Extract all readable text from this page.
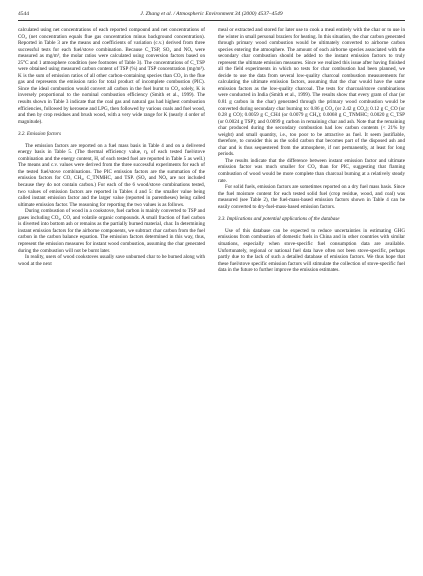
4544	J. Zhang et al. / Atmospheric Environment 34 (2000) 4537–4549

calculated using net concentrations of each reported compound and net concentrations of CO₂ (net concentration equals flue gas concentration minus background concentration). Reported in Table 3 are the means and coefficients of variation (c.v.) derived from three successful tests for each fuel/stove combination. Because C_TSP, SO₂ and NOₓ were measured as mg/m³, the molar ratios were calculated using conversion factors based on 25°C and 1 atmosphere condition (see footnotes of Table 3). The concentrations of C_TSP were obtained using measured carbon content of TSP (%) and TSP concentration (mg/m³). K is the sum of emission ratios of all other carbon-containing species than CO₂ in the flue gas and represents the emission ratio for total product of incomplete combustion (PIC). Since the ideal combustion would convert all carbon in the fuel burnt to CO₂ solely, K is inversely proportional to the nominal combustion efficiency (Smith et al., 1999). The results shown in Table 3 indicate that the coal gas and natural gas had highest combustion efficiencies, followed by kerosene and LPG, then followed by various coals and fuel wood, and then by crop residues and brush wood, with a very wide range for K (nearly 4 order of magnitude).

3.2. Emission factors

The emission factors are reported on a fuel mass basis in Table 4 and on a delivered energy basis in Table 5. (The thermal efficiency value, η, of each tested fuel/stove combination and the energy content, H, of each tested fuel are reported in Table 5 as well.) The means and c.v. values were derived from the three successful experiments for each of the tested fuel/stove combinations. The PIC emission factors are the summation of the emission factors for CO, CH₄, C_TNMHC, and TSP. (SO₂ and NOₓ are not included because they do not contain carbon.) For each of the 6 wood/stove combinations tested, two values of emission factors are reported in Tables 4 and 5: the smaller value being called instant emission factor and the larger value (reported in parentheses) being called ultimate emission factor. The reasoning for reporting the two values is as follows.

During combustion of wood in a cookstove, fuel carbon is mainly converted to TSP and gases including CO₂, CO, and volatile organic compounds. A small fraction of fuel carbon is diverted into bottom ash or remains as the partially burned material, char. In determining instant emission factors for the airborne components, we subtract char carbon from the fuel carbon in the carbon balance equation. The emission factors determined in this way, thus, represent the emission measures for instant wood combustion, assuming the char generated during the combustion will not be burnt later.

In reality, users of wood cookstoves usually save unburned char to be burned along with wood at the next

meal or extracted and stored for later use to cook a meal entirely with the char or to use in the winter in small personal braziers for heating. In this situation, the char carbon generated through primary wood combustion would be ultimately converted to airborne carbon species entering the atmosphere. The amount of each airborne species associated with the secondary char combustion should be added to the instant emission factors to truly represent the ultimate emission measures. Since we realized this issue after having finished all the field experiments in which no tests for char combustion had been planned, we decide to use the data from several low-quality charcoal combustion measurements for calculating the ultimate emission factors, assuming that the char would have the same emission factors as the low-quality charcoal. The tests for charcoal/stove combinations were conducted in India (Smith et al., 1999). The results show that every gram of char (or 0.81 g carbon in the char) generated through the primary wood combustion would be converted during secondary char burning to: 0.86 g CO₂ (or 2.42 g CO₂); 0.12 g C_CO (or 0.28 g CO); 0.0059 g C_CH4 (or 0.0079 g CH₄); 0.0068 g C_TNMHC; 0.0020 g C_TSP (or 0.0024 g TSP); and 0.0099 g carbon in remaining char and ash. Note that the remaining char produced during the secondary combustion had low carbon contents (< 21% by weight) and small quantity, i.e., too poor to be attractive as fuel. It seem justifiable, therefore, to consider this as the solid carbon that becomes part of the disposed ash and char and is thus sequestered from the atmosphere, if not permanently, at least for long periods.

The results indicate that the difference between instant emission factor and ultimate emission factor was much smaller for CO₂ than for PIC, suggesting that flaming combustion of wood would be more complete than charcoal burning at a relatively steady rate.

For solid fuels, emission factors are sometimes reported on a dry fuel mass basis. Since the fuel moisture content for each tested solid fuel (crop residue, wood, and coal) was measured (see Table 2), the fuel-mass-based emission factors shown in Table 4 can be easily converted to dry-fuel-mass-based emission factors.

3.3. Implications and potential applications of the database

Use of this database can be expected to reduce uncertainties in estimating GHG emissions from combustion of domestic fuels in China and in other countries with similar situations, especially when stove-specific fuel consumption data are available. Unfortunately, regional or national fuel data have often not been stove-specific, perhaps partly due to the lack of such a detailed database of emission factors. We thus hope that these fuel/stove specific emission factors will stimulate the collection of stove-specific fuel data in the future to further improve the emission estimates.
